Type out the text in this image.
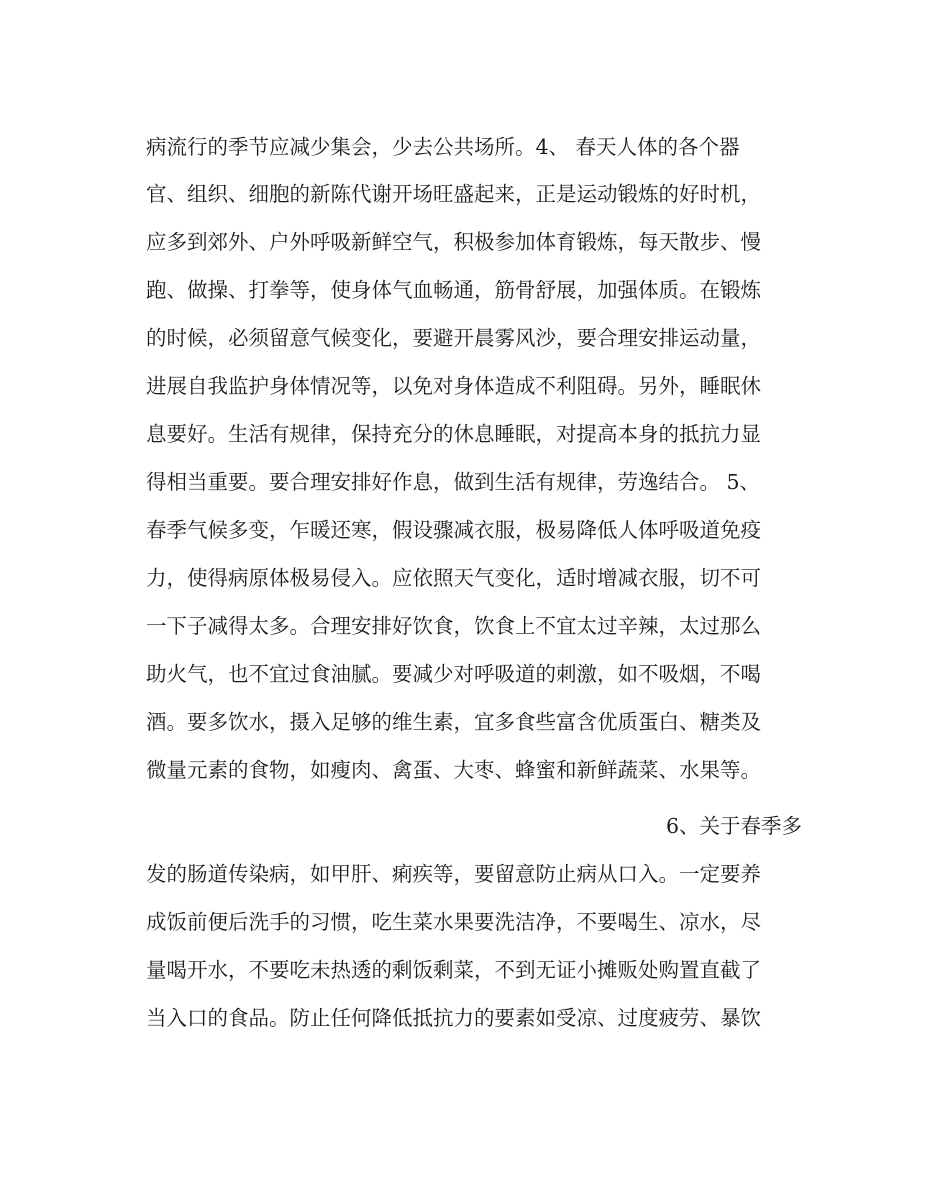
病流行的季节应减少集会，少去公共场所。4、 春天人体的各个器
官、组织、细胞的新陈代谢开场旺盛起来，正是运动锻炼的好时机，
应多到郊外、户外呼吸新鲜空气，积极参加体育锻炼，每天散步、慢
跑、做操、打拳等，使身体气血畅通，筋骨舒展，加强体质。在锻炼
的时候，必须留意气候变化，要避开晨雾风沙，要合理安排运动量，
进展自我监护身体情况等，以免对身体造成不利阻碍。另外，睡眠休
息要好。生活有规律，保持充分的休息睡眠，对提高本身的抵抗力显
得相当重要。要合理安排好作息，做到生活有规律，劳逸结合。 5、
春季气候多变，乍暖还寒，假设骤减衣服，极易降低人体呼吸道免疫
力，使得病原体极易侵入。应依照天气变化，适时增减衣服，切不可
一下子减得太多。合理安排好饮食，饮食上不宜太过辛辣，太过那么
助火气，也不宜过食油腻。要减少对呼吸道的刺激，如不吸烟，不喝
酒。要多饮水，摄入足够的维生素，宜多食些富含优质蛋白、糖类及
微量元素的食物，如瘦肉、禽蛋、大枣、蜂蜜和新鲜蔬菜、水果等。
6、关于春季多
发的肠道传染病，如甲肝、痢疾等，要留意防止病从口入。一定要养
成饭前便后洗手的习惯，吃生菜水果要洗洁净，不要喝生、凉水，尽
量喝开水，不要吃未热透的剩饭剩菜，不到无证小摊贩处购置直截了
当入口的食品。防止任何降低抵抗力的要素如受凉、过度疲劳、暴饮
